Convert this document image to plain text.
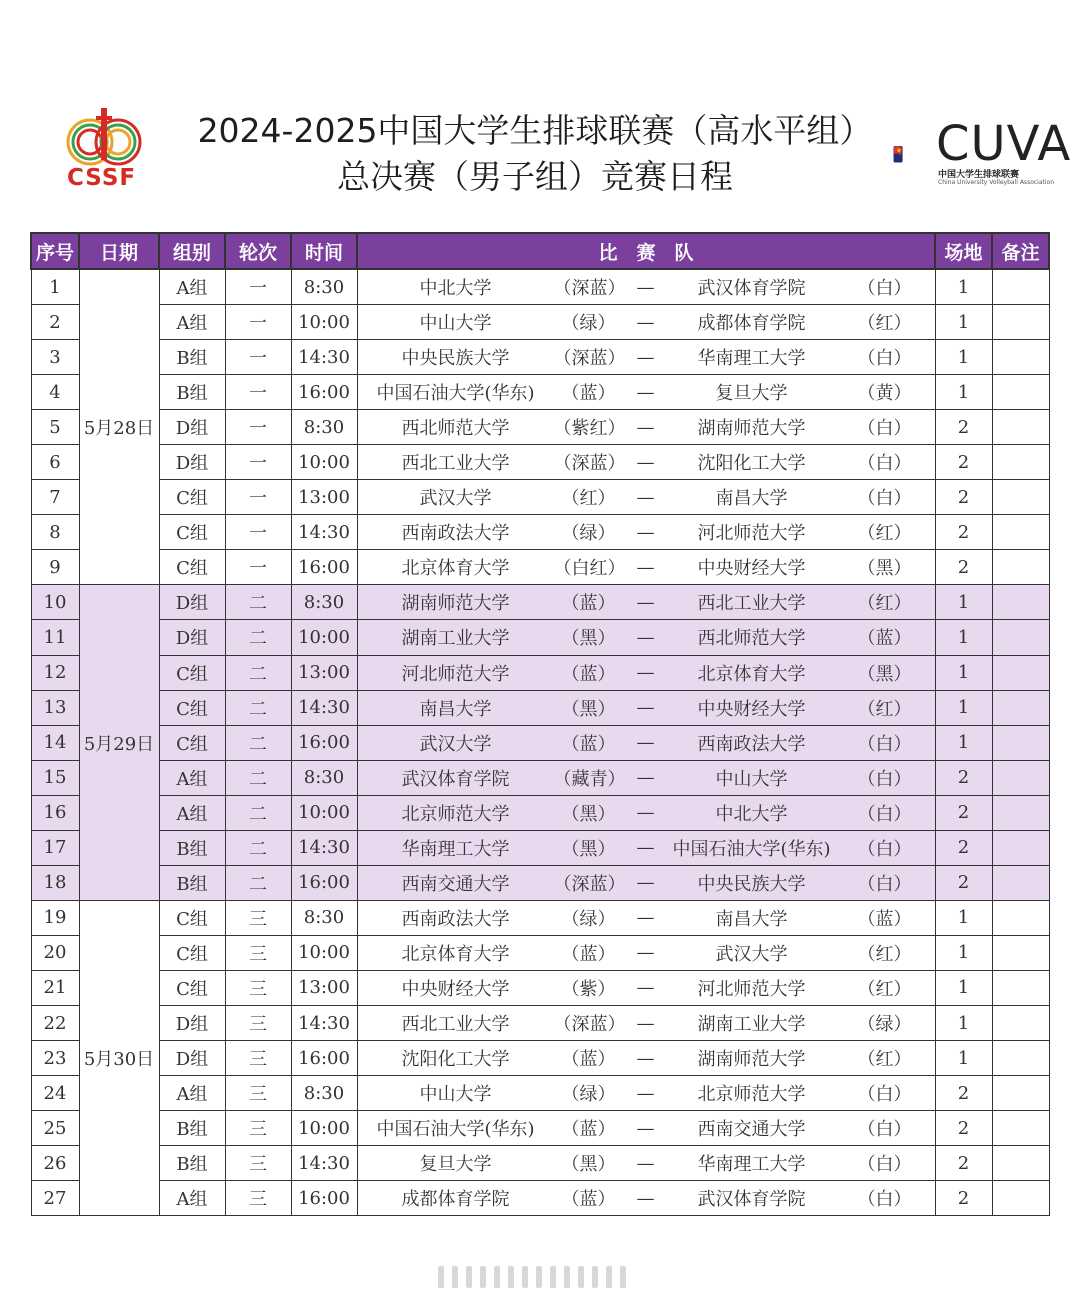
CSSF
2024-2025中国大学生排球联赛（高水平组）
总决赛（男子组）竞赛日程
CUVA
中国大学生排球联赛
China University Volleyball Association
序号	日期	组别	轮次	时间	比　 赛　 队	场地	备注
1	5月28日	A组	一	8:30	中北大学 （深蓝） — 武汉体育学院 （白）	1	
2		A组	一	10:00	中山大学 （绿） — 成都体育学院 （红）	1	
3		B组	一	14:30	中央民族大学 （深蓝） — 华南理工大学 （白）	1	
4		B组	一	16:00	中国石油大学(华东) （蓝） — 复旦大学 （黄）	1	
5		D组	一	8:30	西北师范大学 （紫红） — 湖南师范大学 （白）	2	
6		D组	一	10:00	西北工业大学 （深蓝） — 沈阳化工大学 （白）	2	
7		C组	一	13:00	武汉大学 （红） — 南昌大学 （白）	2	
8		C组	一	14:30	西南政法大学 （绿） — 河北师范大学 （红）	2	
9		C组	一	16:00	北京体育大学 （白红） — 中央财经大学 （黑）	2	
10	5月29日	D组	二	8:30	湖南师范大学 （蓝） — 西北工业大学 （红）	1	
11		D组	二	10:00	湖南工业大学 （黑） — 西北师范大学 （蓝）	1	
12		C组	二	13:00	河北师范大学 （蓝） — 北京体育大学 （黑）	1	
13		C组	二	14:30	南昌大学 （黑） — 中央财经大学 （红）	1	
14		C组	二	16:00	武汉大学 （蓝） — 西南政法大学 （白）	1	
15		A组	二	8:30	武汉体育学院 （藏青） — 中山大学 （白）	2	
16		A组	二	10:00	北京师范大学 （黑） — 中北大学 （白）	2	
17		B组	二	14:30	华南理工大学 （黑） — 中国石油大学(华东) （白）	2	
18		B组	二	16:00	西南交通大学 （深蓝） — 中央民族大学 （白）	2	
19	5月30日	C组	三	8:30	西南政法大学 （绿） — 南昌大学 （蓝）	1	
20		C组	三	10:00	北京体育大学 （蓝） — 武汉大学 （红）	1	
21		C组	三	13:00	中央财经大学 （紫） — 河北师范大学 （红）	1	
22		D组	三	14:30	西北工业大学 （深蓝） — 湖南工业大学 （绿）	1	
23		D组	三	16:00	沈阳化工大学 （蓝） — 湖南师范大学 （红）	1	
24		A组	三	8:30	中山大学 （绿） — 北京师范大学 （白）	2	
25		B组	三	10:00	中国石油大学(华东) （蓝） — 西南交通大学 （白）	2	
26		B组	三	14:30	复旦大学 （黑） — 华南理工大学 （白）	2	
27		A组	三	16:00	成都体育学院 （蓝） — 武汉体育学院 （白）	2	
